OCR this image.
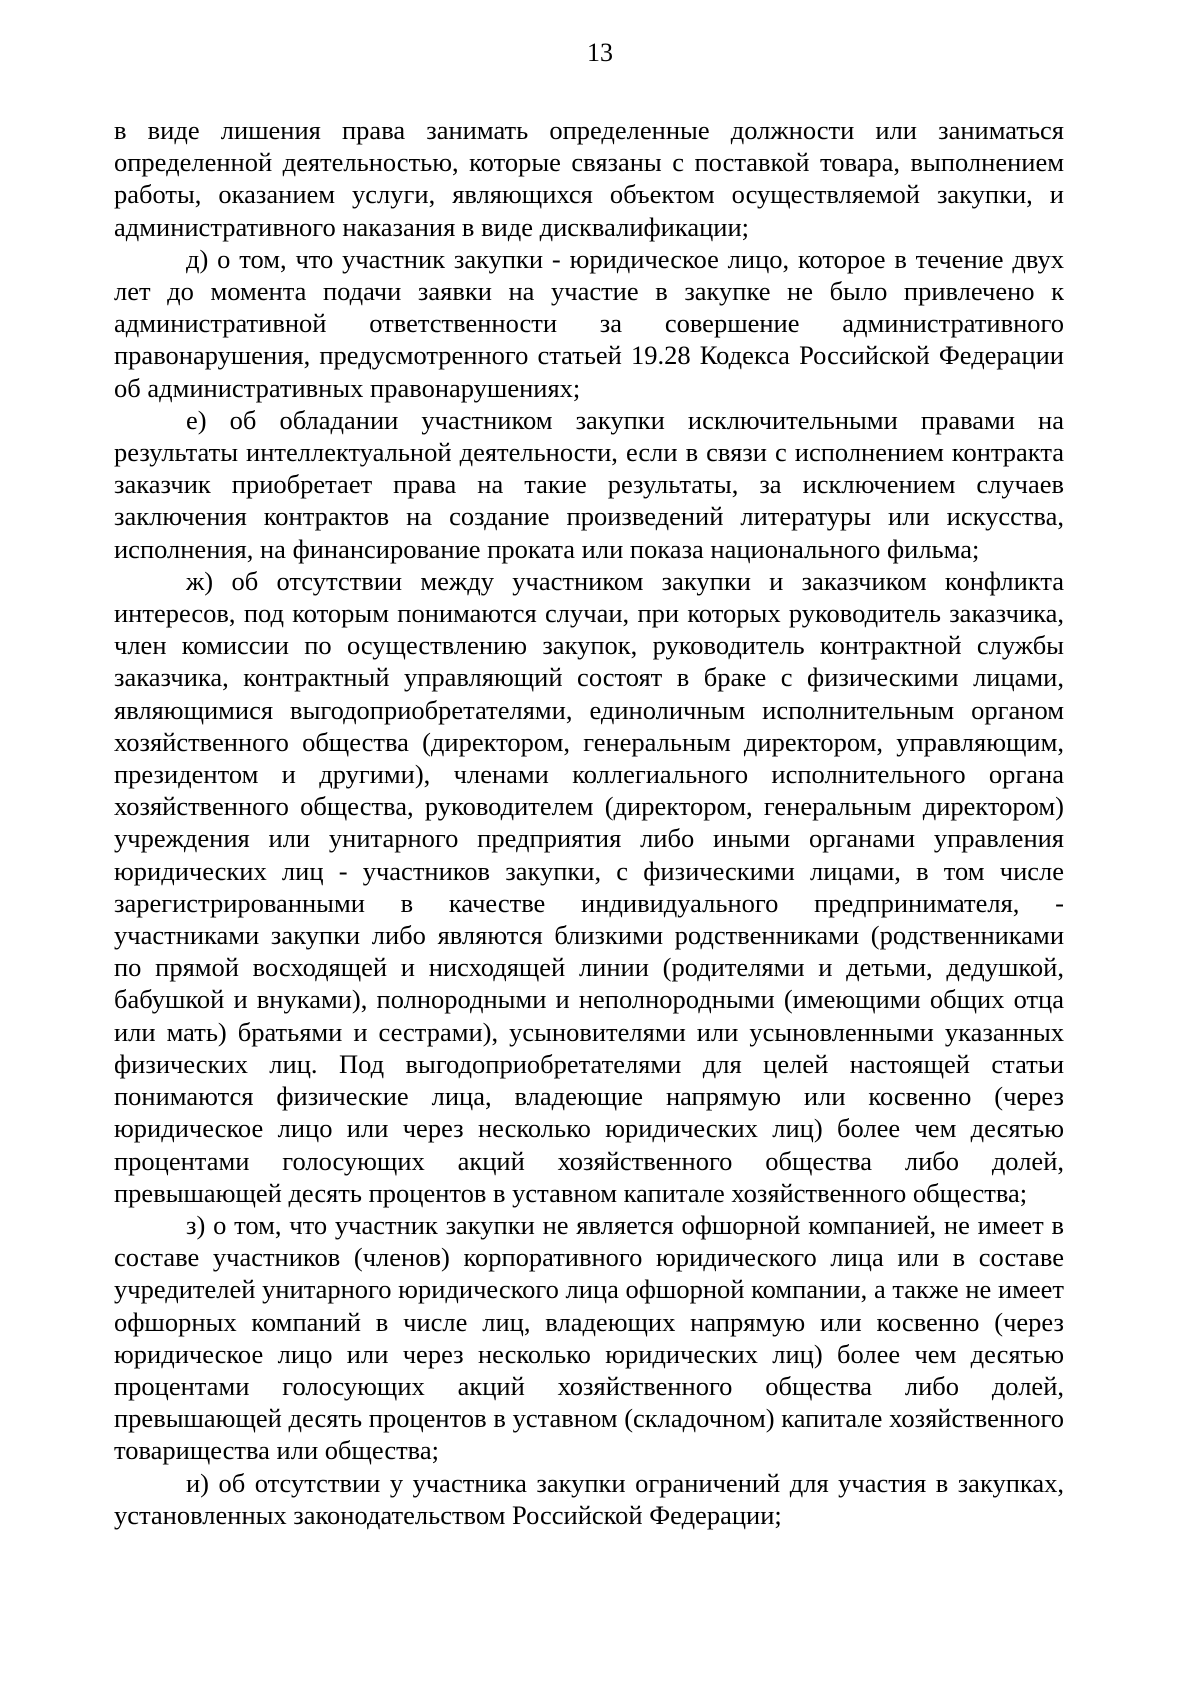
13

в виде лишения права занимать определенные должности или заниматься определенной деятельностью, которые связаны с поставкой товара, выполнением работы, оказанием услуги, являющихся объектом осуществляемой закупки, и административного наказания в виде дисквалификации;

д) о том, что участник закупки - юридическое лицо, которое в течение двух лет до момента подачи заявки на участие в закупке не было привлечено к административной ответственности за совершение административного правонарушения, предусмотренного статьей 19.28 Кодекса Российской Федерации об административных правонарушениях;

е) об обладании участником закупки исключительными правами на результаты интеллектуальной деятельности, если в связи с исполнением контракта заказчик приобретает права на такие результаты, за исключением случаев заключения контрактов на создание произведений литературы или искусства, исполнения, на финансирование проката или показа национального фильма;

ж) об отсутствии между участником закупки и заказчиком конфликта интересов, под которым понимаются случаи, при которых руководитель заказчика, член комиссии по осуществлению закупок, руководитель контрактной службы заказчика, контрактный управляющий состоят в браке с физическими лицами, являющимися выгодоприобретателями, единоличным исполнительным органом хозяйственного общества (директором, генеральным директором, управляющим, президентом и другими), членами коллегиального исполнительного органа хозяйственного общества, руководителем (директором, генеральным директором) учреждения или унитарного предприятия либо иными органами управления юридических лиц - участников закупки, с физическими лицами, в том числе зарегистрированными в качестве индивидуального предпринимателя, - участниками закупки либо являются близкими родственниками (родственниками по прямой восходящей и нисходящей линии (родителями и детьми, дедушкой, бабушкой и внуками), полнородными и неполнородными (имеющими общих отца или мать) братьями и сестрами), усыновителями или усыновленными указанных физических лиц. Под выгодоприобретателями для целей настоящей статьи понимаются физические лица, владеющие напрямую или косвенно (через юридическое лицо или через несколько юридических лиц) более чем десятью процентами голосующих акций хозяйственного общества либо долей, превышающей десять процентов в уставном капитале хозяйственного общества;

з) о том, что участник закупки не является офшорной компанией, не имеет в составе участников (членов) корпоративного юридического лица или в составе учредителей унитарного юридического лица офшорной компании, а также не имеет офшорных компаний в числе лиц, владеющих напрямую или косвенно (через юридическое лицо или через несколько юридических лиц) более чем десятью процентами голосующих акций хозяйственного общества либо долей, превышающей десять процентов в уставном (складочном) капитале хозяйственного товарищества или общества;

и) об отсутствии у участника закупки ограничений для участия в закупках, установленных законодательством Российской Федерации;
